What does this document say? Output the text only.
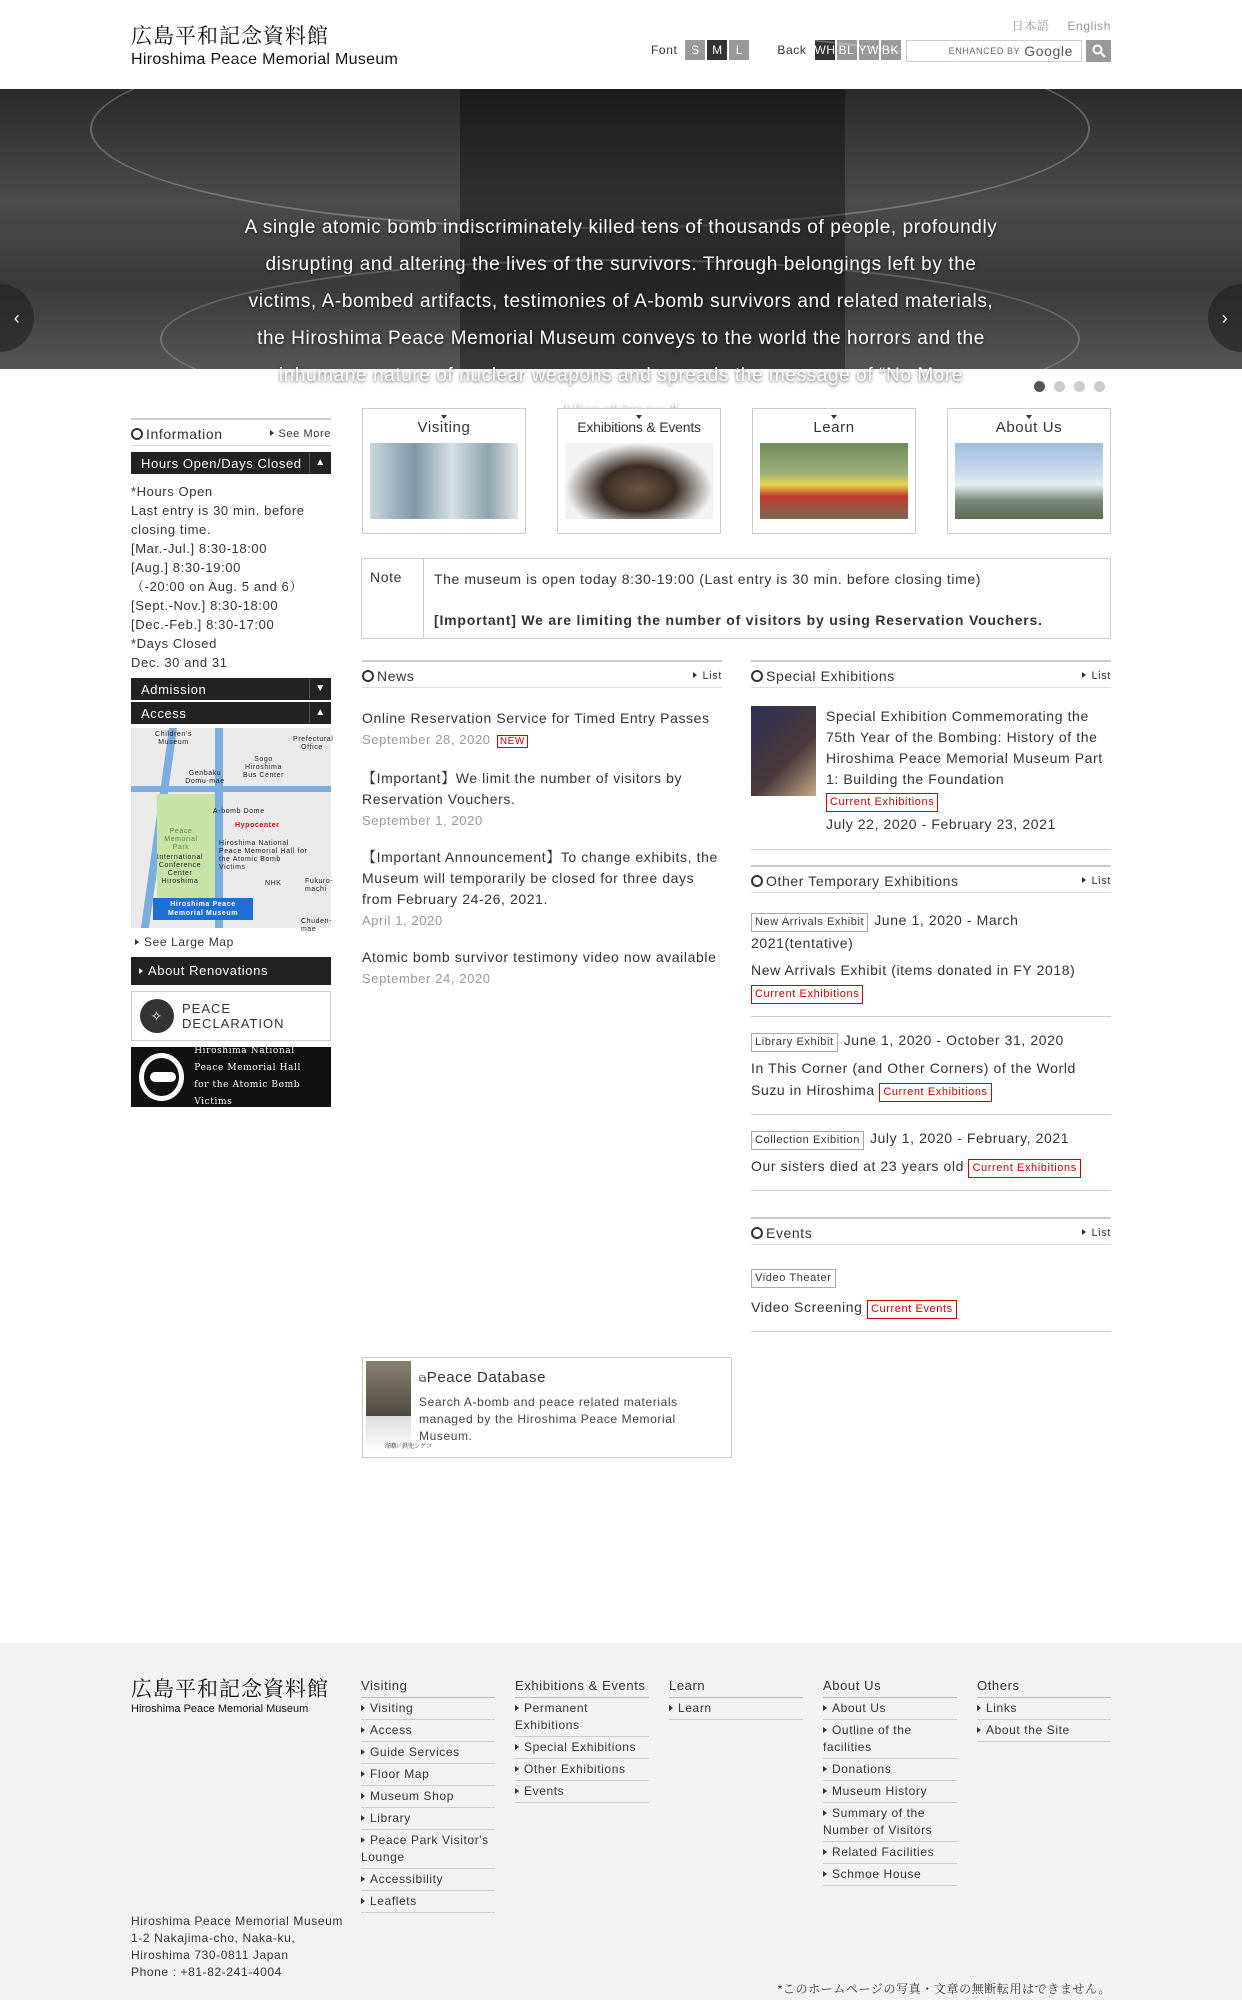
広島平和記念資料館
Hiroshima Peace Memorial Museum
日本語 English
Font	S	M	L	Back WH BL YW BK	ENHANCED BY Google
A single atomic bomb indiscriminately killed tens of thousands of people, profoundly disrupting and altering the lives of the survivors. Through belongings left by the victims, A-bombed artifacts, testimonies of A-bomb survivors and related materials, the Hiroshima Peace Memorial Museum conveys to the world the horrors and the inhumane nature of nuclear weapons and spreads the message of “No More
‹	›
Information	See More
Hours Open/Days Closed	▲
*Hours Open
Last entry is 30 min. before closing time.
[Mar.-Jul.] 8:30-18:00
[Aug.] 8:30-19:00
（-20:00 on Aug. 5 and 6）
[Sept.-Nov.] 8:30-18:00
[Dec.-Feb.] 8:30-17:00
*Days Closed
Dec. 30 and 31
Admission	▼
Access	▲
Children's Museum	Prefectural Office
Sogo Hiroshima Bus Center
Genbaku Domu-mae
A-bomb Dome
Hypocenter
Peace Memorial Park
Hiroshima National Peace Memorial Hall for the Atomic Bomb Victims
International Conference Center Hiroshima	NHK	Fukuro-machi
Chuden-mae
Hiroshima Peace Memorial Museum
See Large Map
About Renovations
✧	PEACE DECLARATION
Hiroshima National
Peace Memorial Hall
for the Atomic Bomb Victims
Visiting	Exhibitions & Events	Learn	About Us
Note	The museum is open today 8:30-19:00 (Last entry is 30 min. before closing time)
[Important] We are limiting the number of visitors by using Reservation Vouchers.
News	List
Online Reservation Service for Timed Entry Passes
September 28, 2020 NEW
【Important】We limit the number of visitors by Reservation Vouchers.
September 1, 2020
【Important Announcement】To change exhibits, the Museum will temporarily be closed for three days from February 24-26, 2021.
April 1, 2020
Atomic bomb survivor testimony video now available
September 24, 2020
Special Exhibitions	List
Special Exhibition Commemorating the 75th Year of the Bombing: History of the Hiroshima Peace Memorial Museum Part 1: Building the Foundation
Current Exhibitions
July 22, 2020 - February 23, 2021
Other Temporary Exhibitions	List
New Arrivals Exhibit June 1, 2020 - March 2021(tentative)
New Arrivals Exhibit (items donated in FY 2018)
Current Exhibitions
Library Exhibit June 1, 2020 - October 31, 2020
In This Corner (and Other Corners) of the World Suzu in Hiroshima Current Exhibitions
Collection Exibition July 1, 2020 - February, 2021
Our sisters died at 23 years old Current Exhibitions
Events	List
Video Theater
Video Screening Current Events
寄贈／鉄兜シゲコ
⧉Peace Database
Search A-bomb and peace related materials managed by the Hiroshima Peace Memorial Museum.
広島平和記念資料館
Hiroshima Peace Memorial Museum
Visiting
Visiting
Access
Guide Services
Floor Map
Museum Shop
Library
Peace Park Visitor's Lounge
Accessibility
Leaflets
Exhibitions & Events
Permanent Exhibitions
Special Exhibitions
Other Exhibitions
Events
Learn
Learn
About Us
About Us
Outline of the facilities
Donations
Museum History
Summary of the Number of Visitors
Related Facilities
Schmoe House
Others
Links
About the Site
Hiroshima Peace Memorial Museum
1-2 Nakajima-cho, Naka-ku,
Hiroshima 730-0811 Japan
Phone : +81-82-241-4004
*このホームページの写真・文章の無断転用はできません。
